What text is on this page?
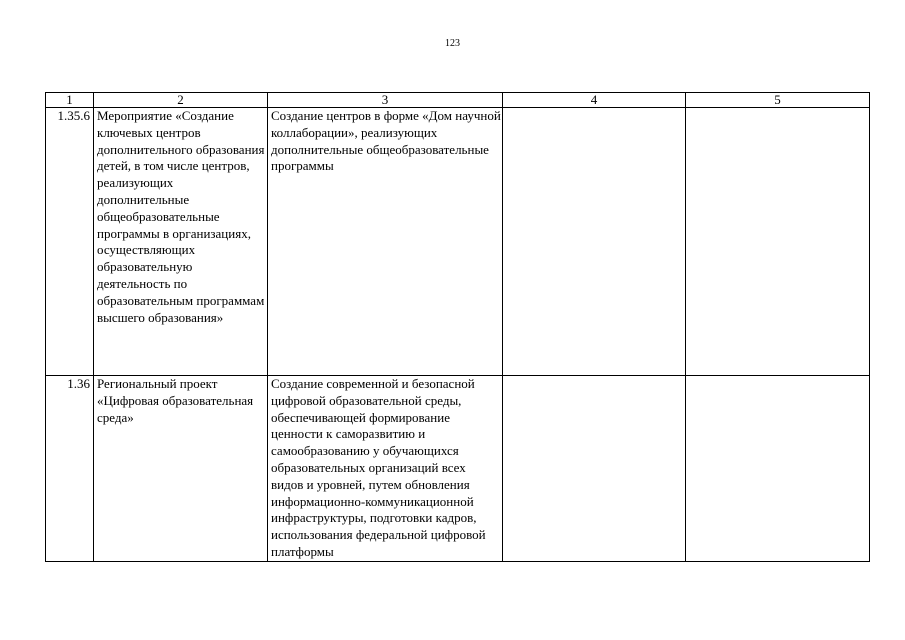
123
1	2	3	4	5
1.35.6	Мероприятие «Создание ключевых центров дополнительного образования детей, в том числе центров, реализующих дополнительные общеобразовательные программы в организациях, осуществляющих образовательную деятельность по образовательным программам высшего образования»	Создание центров в форме «Дом научной коллаборации», реализующих дополнительные общеобразовательные программы		
1.36	Региональный проект «Цифровая образовательная среда»	Создание современной и безопасной цифровой образовательной среды, обеспечивающей формирование ценности к саморазвитию и самообразованию у обучающихся образовательных организаций всех видов и уровней, путем обновления информационно-коммуникационной инфраструктуры, подготовки кадров, использования федеральной цифровой платформы		
